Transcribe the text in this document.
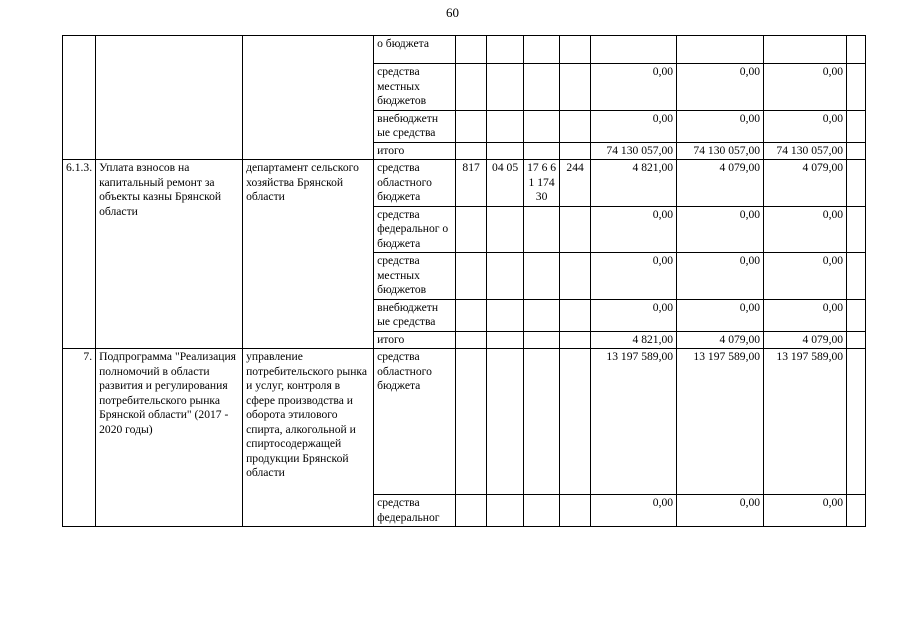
60
			о бюджета								
			средства местных бюджетов					0,00	0,00	0,00	
			внебюджетн ые средства					0,00	0,00	0,00	
			итого					74 130 057,00	74 130 057,00	74 130 057,00	
6.1.3.	Уплата взносов на капитальный ремонт за объекты казны Брянской области	департамент сельского хозяйства Брянской области	средства областного бюджета	817	04 05	17 6 61 17430	244	4 821,00	4 079,00	4 079,00	
			средства федеральног о бюджета					0,00	0,00	0,00	
			средства местных бюджетов					0,00	0,00	0,00	
			внебюджетн ые средства					0,00	0,00	0,00	
			итого					4 821,00	4 079,00	4 079,00	
7.	Подпрограмма "Реализация полномочий в области развития и регулирования потребительского рынка Брянской области" (2017 - 2020 годы)	управление потребительского рынка и услуг, контроля в сфере производства и оборота этилового спирта, алкогольной и спиртосодержащей продукции Брянской области	средства областного бюджета					13 197 589,00	13 197 589,00	13 197 589,00	
			средства федеральног					0,00	0,00	0,00	
